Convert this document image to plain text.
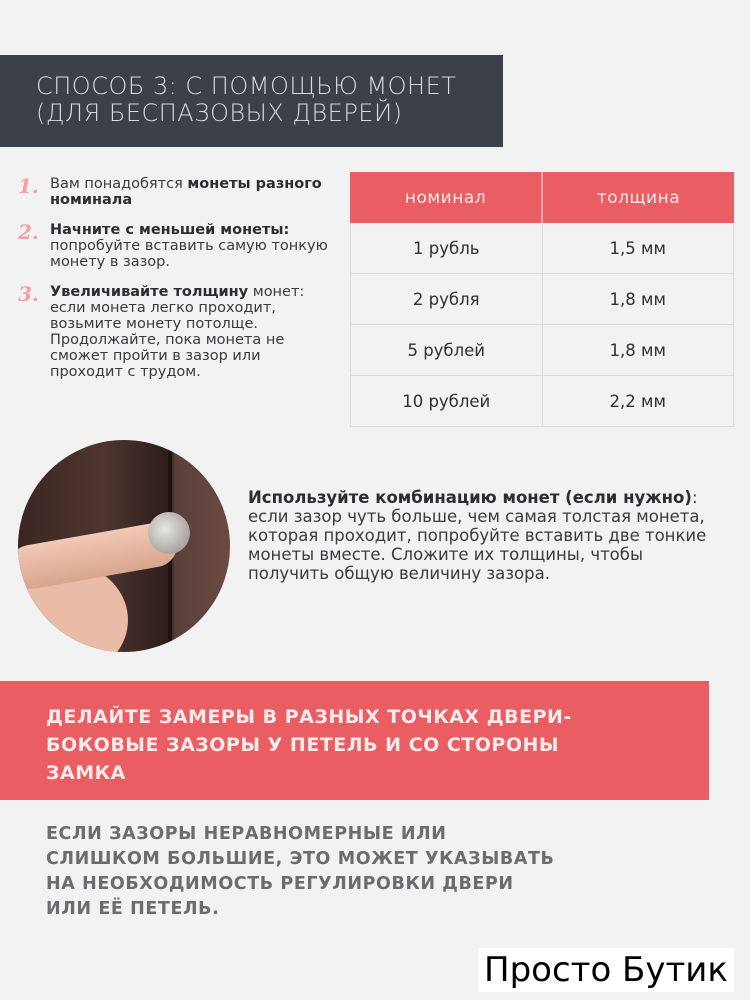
СПОСОБ 3: С ПОМОЩЬЮ МОНЕТ
(ДЛЯ БЕСПАЗОВЫХ ДВЕРЕЙ)
1. Вам понадобятся монеты разного номинала

2. Начните с меньшей монеты: попробуйте вставить самую тонкую монету в зазор.

3. Увеличивайте толщину монет: если монета легко проходит, возьмите монету потолще. Продолжайте, пока монета не сможет пройти в зазор или проходит с трудом.

номинал	толщина
1 рубль	1,5 мм
2 рубля	1,8 мм
5 рублей	1,8 мм
10 рублей	2,2 мм
Используйте комбинацию монет (если нужно): если зазор чуть больше, чем самая толстая монета, которая проходит, попробуйте вставить две тонкие монеты вместе. Сложите их толщины, чтобы получить общую величину зазора.
ДЕЛАЙТЕ ЗАМЕРЫ В РАЗНЫХ ТОЧКАХ ДВЕРИ-
БОКОВЫЕ ЗАЗОРЫ У ПЕТЕЛЬ И СО СТОРОНЫ
ЗАМКА
ЕСЛИ ЗАЗОРЫ НЕРАВНОМЕРНЫЕ ИЛИ
СЛИШКОМ БОЛЬШИЕ, ЭТО МОЖЕТ УКАЗЫВАТЬ
НА НЕОБХОДИМОСТЬ РЕГУЛИРОВКИ ДВЕРИ
ИЛИ ЕЁ ПЕТЕЛЬ.
Просто Бутик
